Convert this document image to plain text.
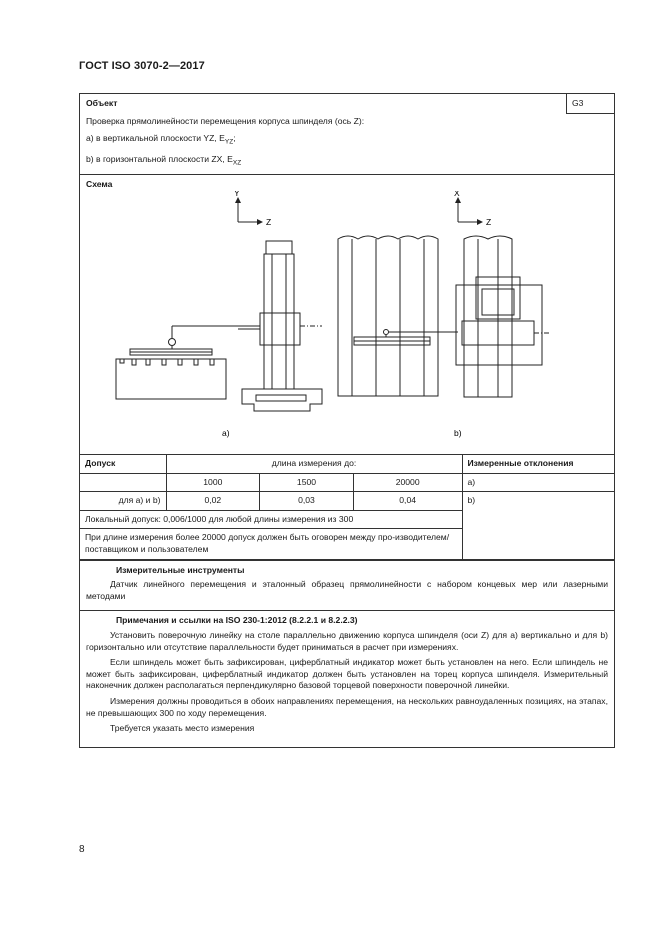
ГОСТ ISO 3070-2—2017
Объект	G3
Проверка прямолинейности перемещения корпуса шпинделя (ось Z):
a) в вертикальной плоскости YZ, $E_{YZ}$;
b) в горизонтальной плоскости ZX, $E_{XZ}$
Схема
Y
Z
a)
X
Z
b)
Допуск	длина измерения до:			Измеренные отклонения
	1000	1500	20000	a)
для a) и b)	0,02	0,03	0,04	b)
Локальный допуск: 0,006/1000 для любой длины измерения из 300				
При длине измерения более 20000 допуск должен быть оговорен между про-изводителем/ поставщиком и пользователем				
Измерительные инструменты

Датчик линейного перемещения и эталонный образец прямолинейности с набором концевых мер или лазерными методами

Примечания и ссылки на ISO 230-1:2012 (8.2.2.1 и 8.2.2.3)

Установить поверочную линейку на столе параллельно движению корпуса шпинделя (оси Z) для a) вертикально и для b) горизонтально или отсутствие параллельности будет приниматься в расчет при измерениях.

Если шпиндель может быть зафиксирован, циферблатный индикатор может быть установлен на него. Если шпиндель не может быть зафиксирован, циферблатный индикатор должен быть установлен на торец корпуса шпинделя. Измерительный наконечник должен располагаться перпендикулярно базовой торцевой поверхности поверочной линейки.

Измерения должны проводиться в обоих направлениях перемещения, на нескольких равноудаленных позициях, на этапах, не превышающих 300 по ходу перемещения.

Требуется указать место измерения

8
